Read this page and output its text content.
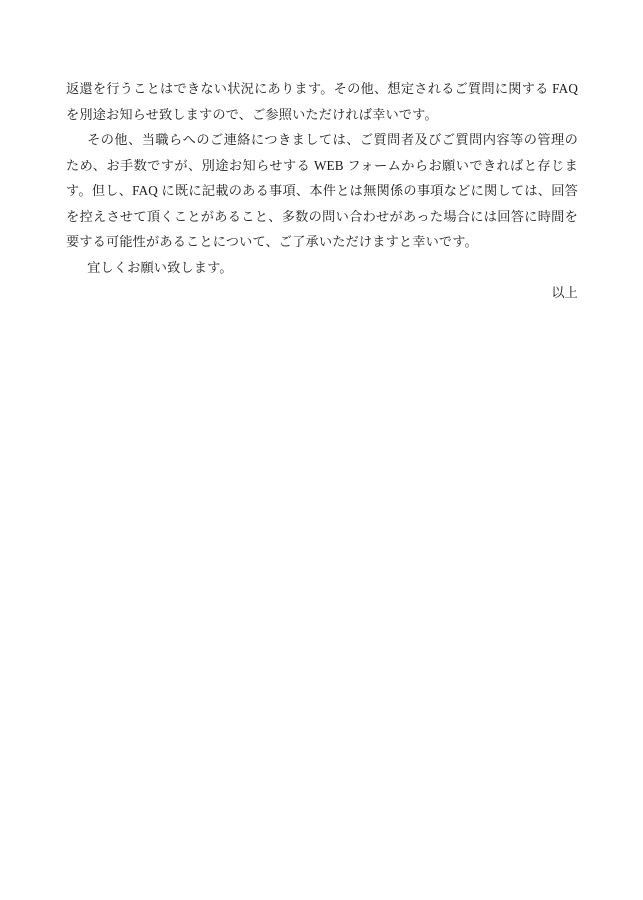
返還を行うことはできない状況にあります。その他、想定されるご質問に関する FAQ を別途お知らせ致しますので、ご参照いただければ幸いです。

その他、当職らへのご連絡につきましては、ご質問者及びご質問内容等の管理のため、お手数ですが、別途お知らせする WEB フォームからお願いできればと存じます。但し、FAQ に既に記載のある事項、本件とは無関係の事項などに関しては、回答を控えさせて頂くことがあること、多数の問い合わせがあった場合には回答に時間を要する可能性があることについて、ご了承いただけますと幸いです。

宜しくお願い致します。

以上
